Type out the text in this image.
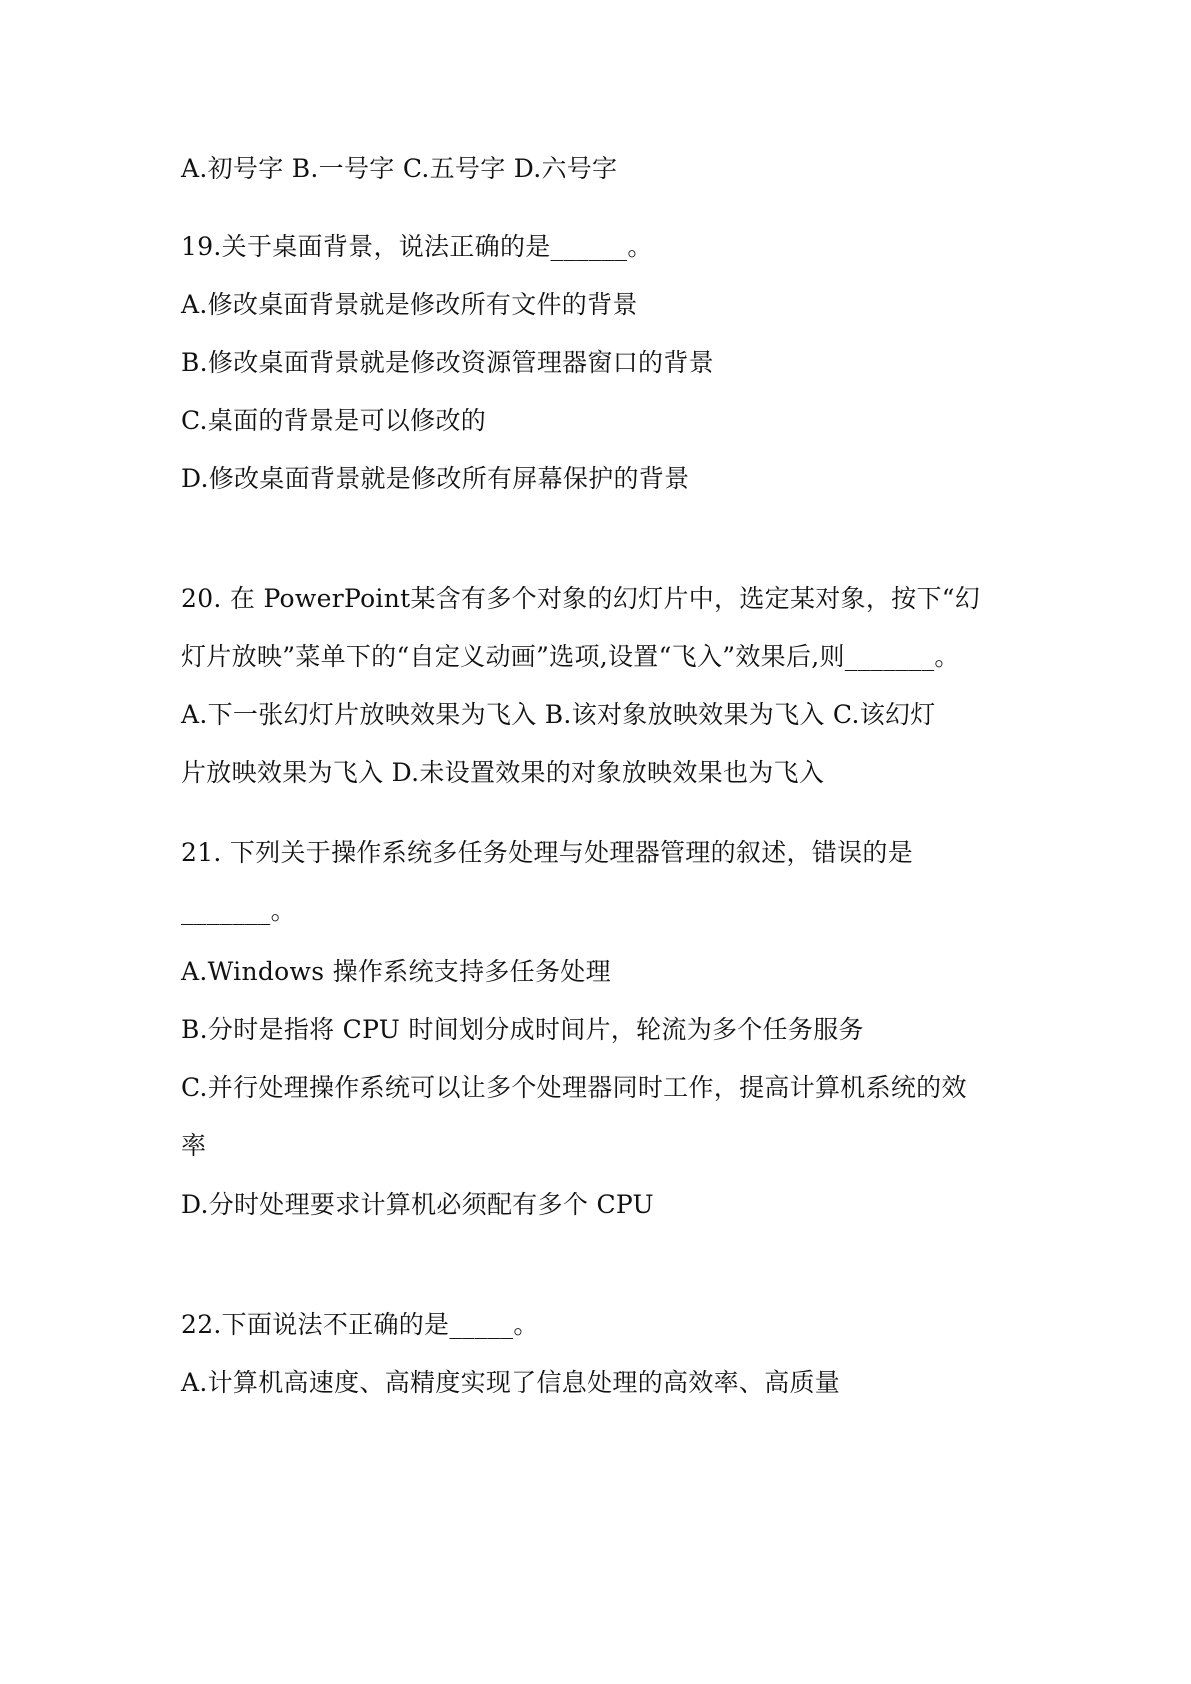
A.初号字 B.一号字 C.五号字 D.六号字
19.关于桌面背景，说法正确的是______。
A.修改桌面背景就是修改所有文件的背景
B.修改桌面背景就是修改资源管理器窗口的背景
C.桌面的背景是可以修改的
D.修改桌面背景就是修改所有屏幕保护的背景
20. 在 PowerPoint某含有多个对象的幻灯片中，选定某对象，按下“幻
灯片放映”菜单下的“自定义动画”选项,设置“飞入”效果后,则_______。
A.下一张幻灯片放映效果为飞入 B.该对象放映效果为飞入 C.该幻灯
片放映效果为飞入 D.未设置效果的对象放映效果也为飞入
21. 下列关于操作系统多任务处理与处理器管理的叙述，错误的是
_______。
A.Windows 操作系统支持多任务处理
B.分时是指将 CPU 时间划分成时间片，轮流为多个任务服务
C.并行处理操作系统可以让多个处理器同时工作，提高计算机系统的效
率
D.分时处理要求计算机必须配有多个 CPU
22.下面说法不正确的是_____。
A.计算机高速度、高精度实现了信息处理的高效率、高质量
